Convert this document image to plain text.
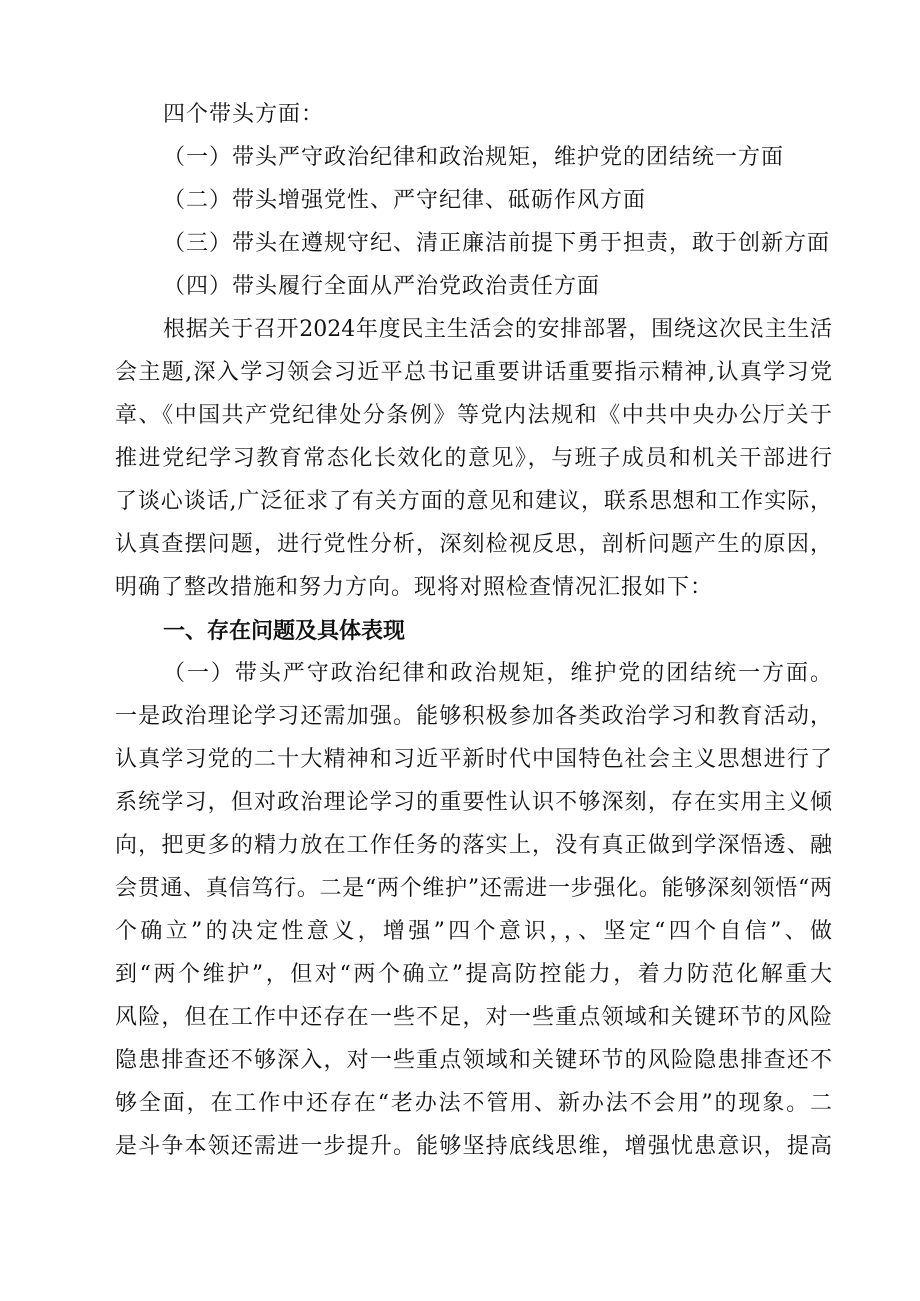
四个带头方面：
（一）带头严守政治纪律和政治规矩，维护党的团结统一方面
（二）带头增强党性、严守纪律、砥砺作风方面
（三）带头在遵规守纪、清正廉洁前提下勇于担责，敢于创新方面
（四）带头履行全面从严治党政治责任方面
根据关于召开2024年度民主生活会的安排部署，围绕这次民主生活
会主题,深入学习领会习近平总书记重要讲话重要指示精神,认真学习党
章、《中国共产党纪律处分条例》等党内法规和《中共中央办公厅关于
推进党纪学习教育常态化长效化的意见》，与班子成员和机关干部进行
了谈心谈话,广泛征求了有关方面的意见和建议，联系思想和工作实际，
认真查摆问题，进行党性分析，深刻检视反思，剖析问题产生的原因，
明确了整改措施和努力方向。现将对照检查情况汇报如下：
一、存在问题及具体表现
（一）带头严守政治纪律和政治规矩，维护党的团结统一方面。
一是政治理论学习还需加强。能够积极参加各类政治学习和教育活动，
认真学习党的二十大精神和习近平新时代中国特色社会主义思想进行了
系统学习，但对政治理论学习的重要性认识不够深刻，存在实用主义倾
向，把更多的精力放在工作任务的落实上，没有真正做到学深悟透、融
会贯通、真信笃行。二是“两个维护”还需进一步强化。能够深刻领悟“两
个确立”的决定性意义，增强”四个意识，，、坚定“四个自信”、做
到“两个维护”，但对“两个确立”提高防控能力，着力防范化解重大
风险，但在工作中还存在一些不足，对一些重点领域和关键环节的风险
隐患排查还不够深入，对一些重点领域和关键环节的风险隐患排查还不
够全面，在工作中还存在“老办法不管用、新办法不会用”的现象。二
是斗争本领还需进一步提升。能够坚持底线思维，增强忧患意识，提高
